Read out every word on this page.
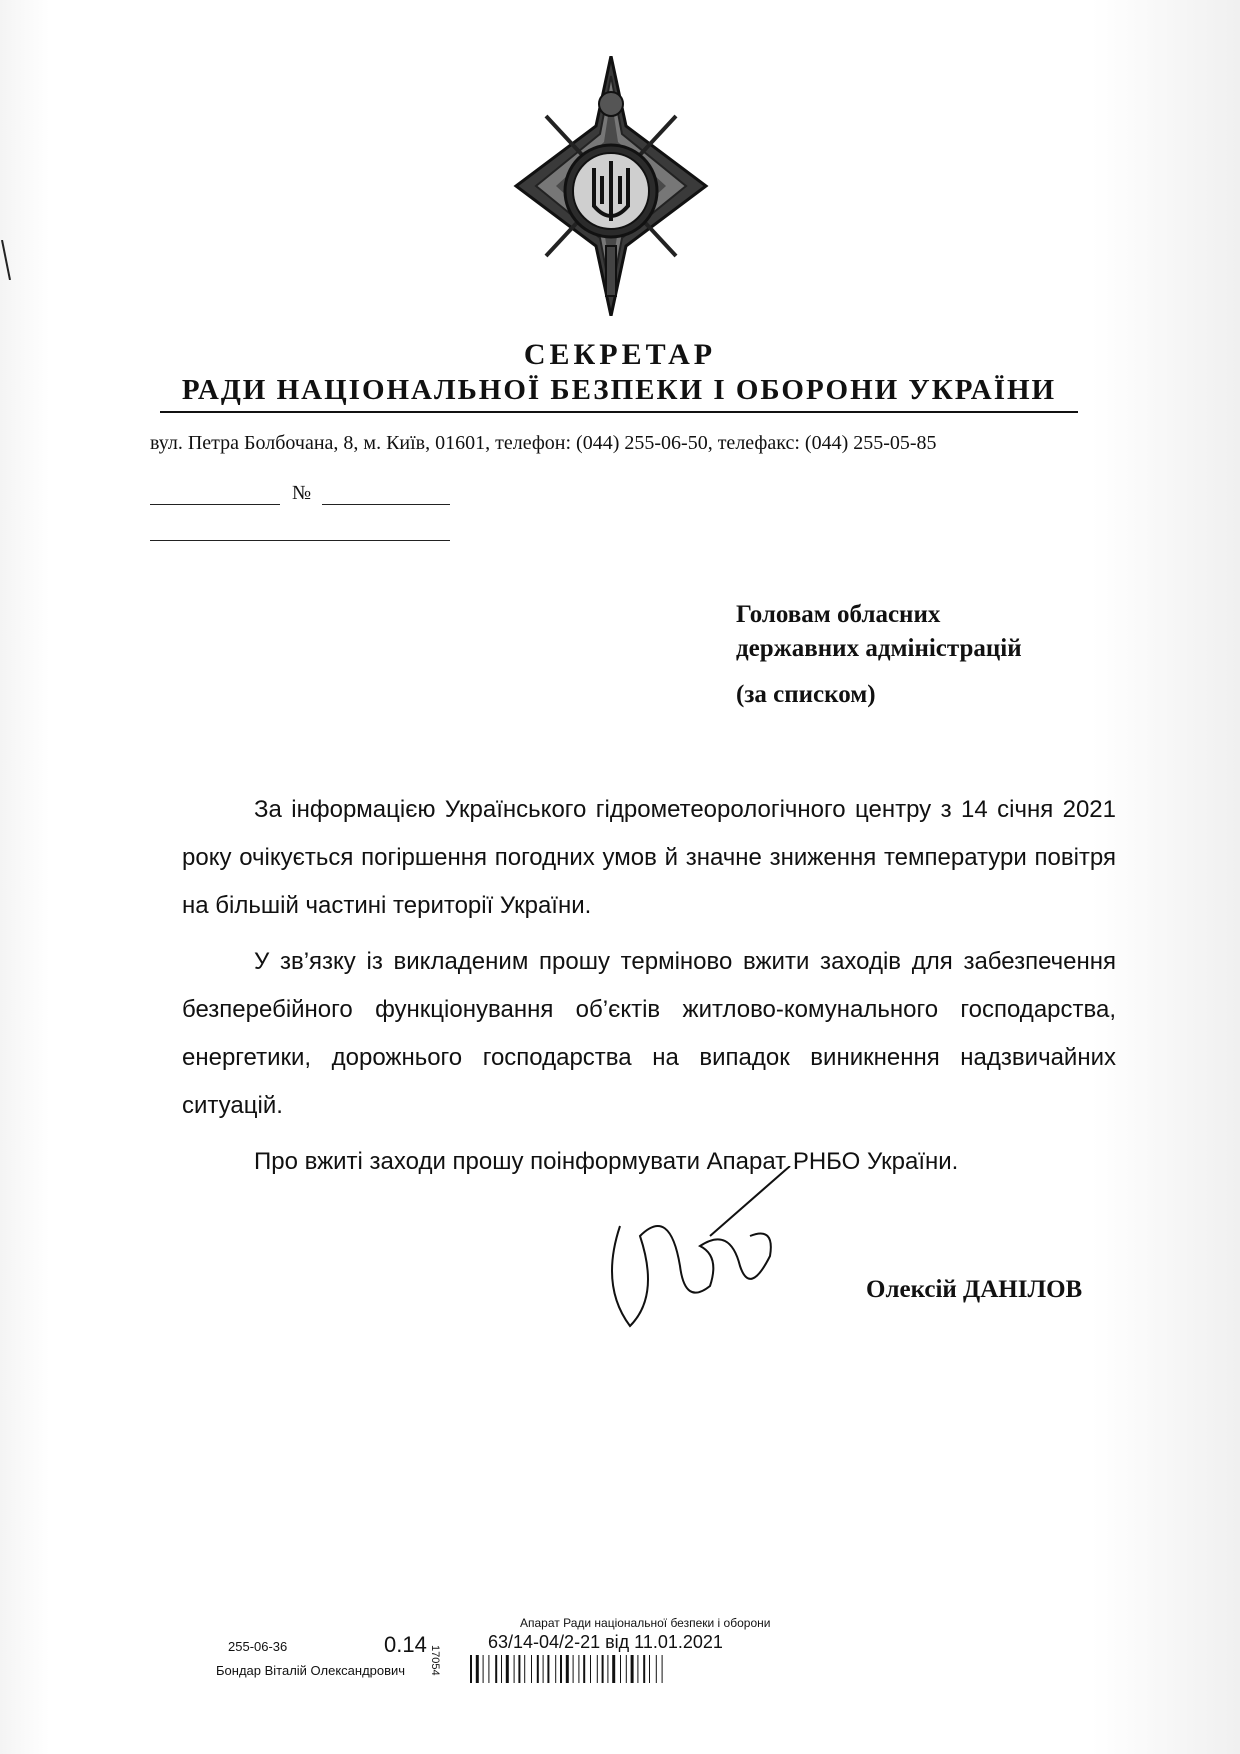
СЕКРЕТАР
РАДИ НАЦІОНАЛЬНОЇ БЕЗПЕКИ І ОБОРОНИ УКРАЇНИ
вул. Петра Болбочана, 8, м. Київ, 01601, телефон: (044) 255-06-50, телефакс: (044) 255-05-85
№
Головам обласних
державних адміністрацій
(за списком)

За інформацією Українського гідрометеорологічного центру з 14 січня 2021 року очікується погіршення погодних умов й значне зниження температури повітря на більшій частині території України.

У зв’язку із викладеним прошу терміново вжити заходів для забезпечення безперебійного функціонування об’єктів житлово-комунального господарства, енергетики, дорожнього господарства на випадок виникнення надзвичайних ситуацій.

Про вжиті заходи прошу поінформувати Апарат РНБО України.

Олексій ДАНІЛОВ
255-06-36	0.14
Бондар Віталій Олександрович 17054
Апарат Ради національної безпеки і оборони
63/14-04/2-21 від 11.01.2021
